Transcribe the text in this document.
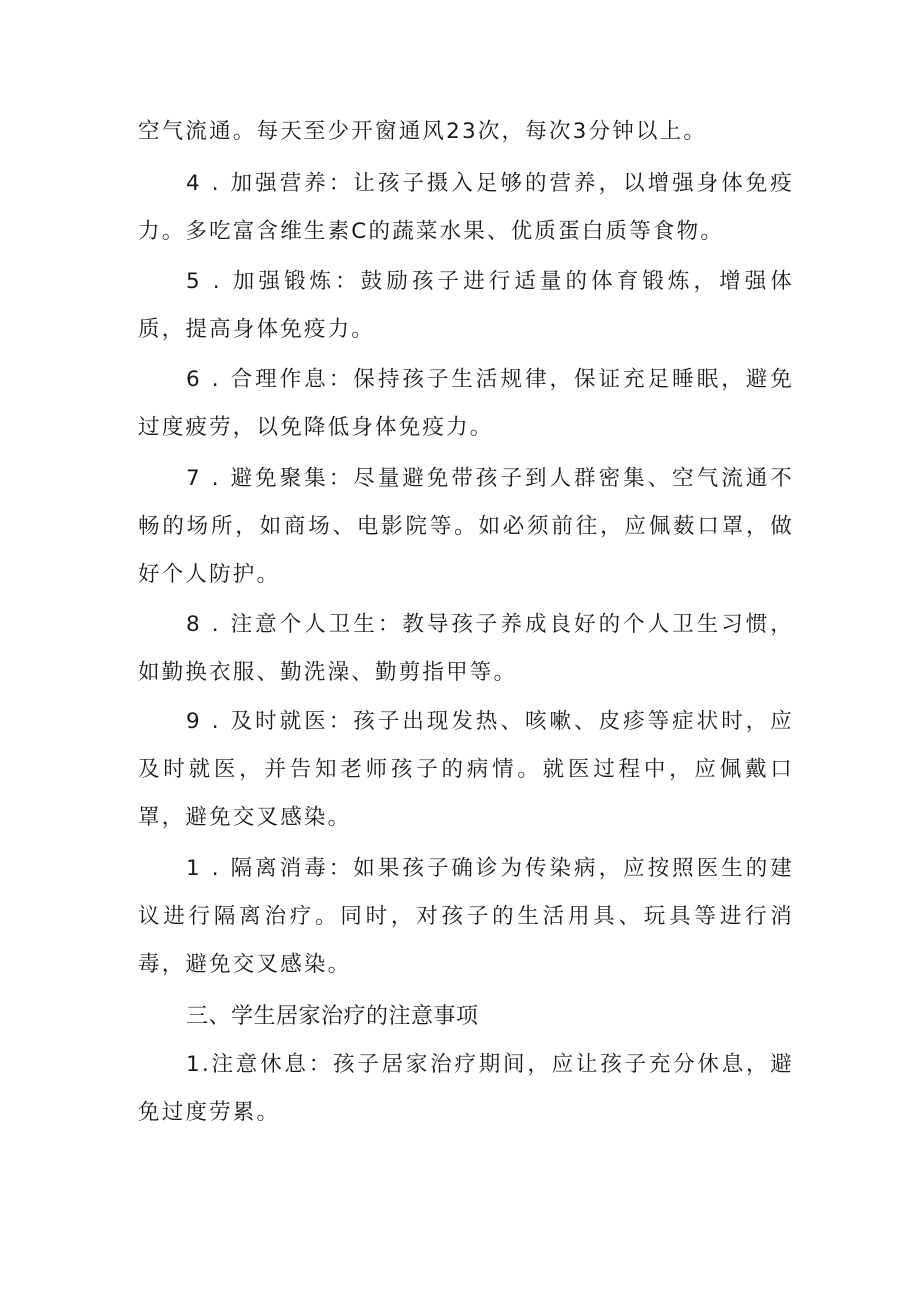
空气流通。每天至少开窗通风23次，每次3分钟以上。

4 . 加强营养：让孩子摄入足够的营养，以增强身体免疫力。多吃富含维生素C的蔬菜水果、优质蛋白质等食物。

5 . 加强锻炼：鼓励孩子进行适量的体育锻炼，增强体质，提高身体免疫力。

6 . 合理作息：保持孩子生活规律，保证充足睡眠，避免过度疲劳，以免降低身体免疫力。

7 . 避免聚集：尽量避免带孩子到人群密集、空气流通不畅的场所，如商场、电影院等。如必须前往，应佩薮口罩，做好个人防护。

8 . 注意个人卫生：教导孩子养成良好的个人卫生习惯，如勤换衣服、勤洗澡、勤剪指甲等。

9 . 及时就医：孩子出现发热、咳嗽、皮疹等症状时，应及时就医，并告知老师孩子的病情。就医过程中，应佩戴口罩，避免交叉感染。

1 . 隔离消毒：如果孩子确诊为传染病，应按照医生的建议进行隔离治疗。同时，对孩子的生活用具、玩具等进行消毒，避免交叉感染。

三、学生居家治疗的注意事项

1.注意休息：孩子居家治疗期间，应让孩子充分休息，避免过度劳累。
